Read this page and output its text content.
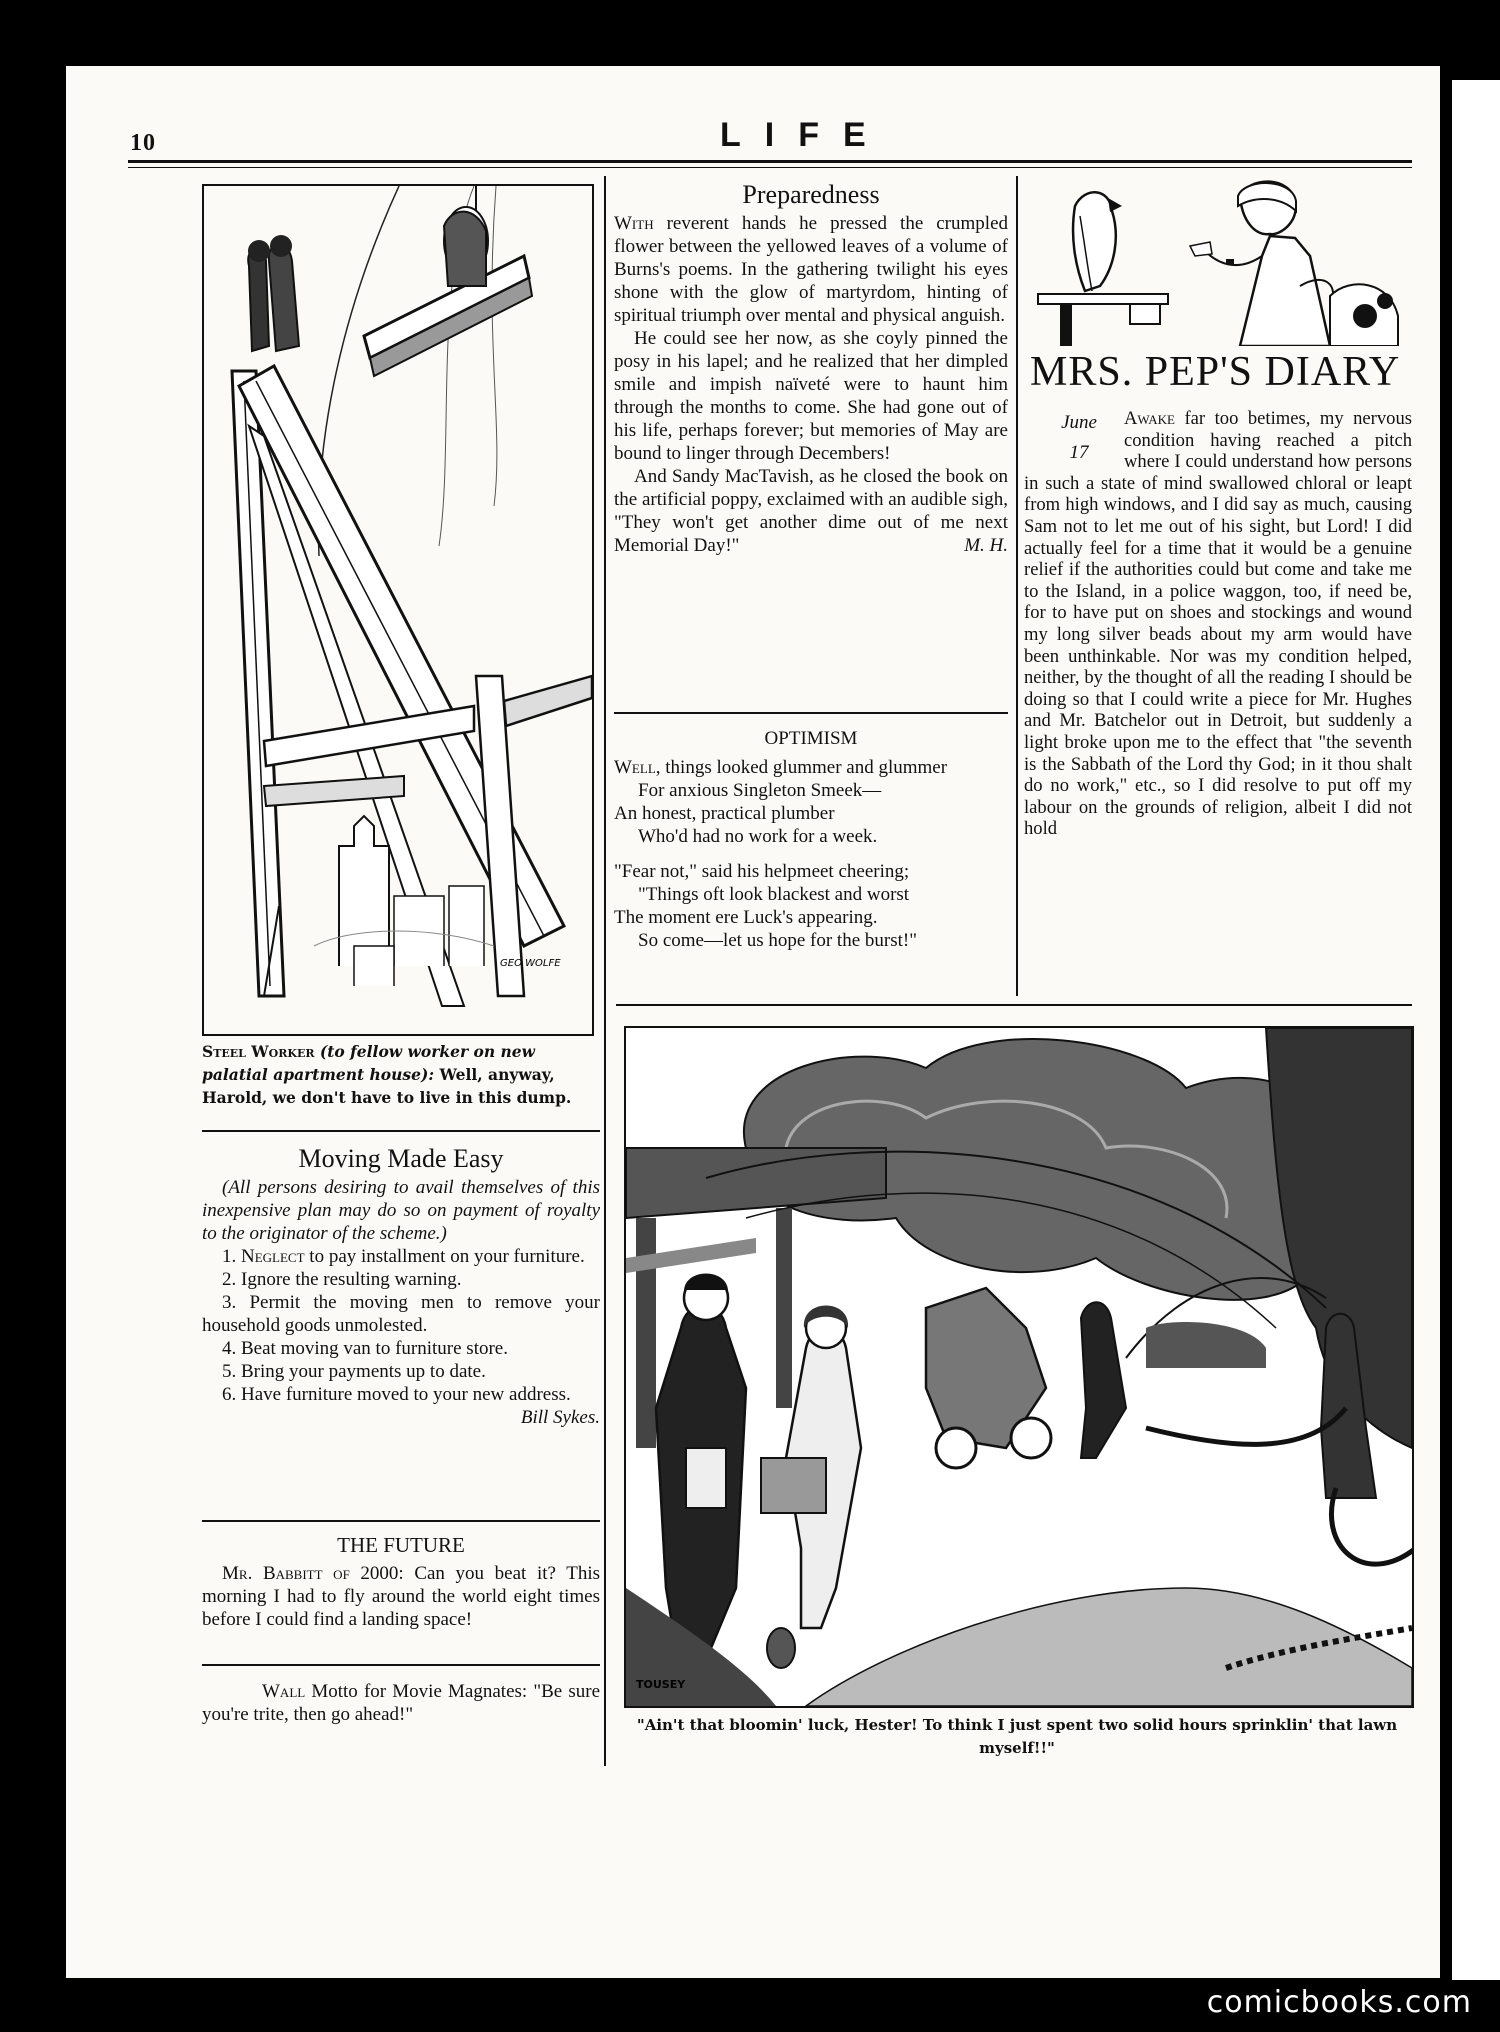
10	LIFE
GEO WOLFE
Steel Worker (to fellow worker on new palatial apartment house): Well, anyway, Harold, we don't have to live in this dump.
Moving Made Easy

(All persons desiring to avail themselves of this inexpensive plan may do so on payment of royalty to the originator of the scheme.)

1. Neglect to pay installment on your furniture.

2. Ignore the resulting warning.

3. Permit the moving men to remove your household goods unmolested.

4. Beat moving van to furniture store.

5. Bring your payments up to date.

6. Have furniture moved to your new address.

Bill Sykes.
THE FUTURE

Mr. Babbitt of 2000: Can you beat it? This morning I had to fly around the world eight times before I could find a landing space!

Wall Motto for Movie Magnates: "Be sure you're trite, then go ahead!"

Preparedness

With reverent hands he pressed the crumpled flower between the yellowed leaves of a volume of Burns's poems. In the gathering twilight his eyes shone with the glow of martyrdom, hinting of spiritual triumph over mental and physical anguish.

He could see her now, as she coyly pinned the posy in his lapel; and he realized that her dimpled smile and impish naïveté were to haunt him through the months to come. She had gone out of his life, perhaps forever; but memories of May are bound to linger through Decembers!

And Sandy MacTavish, as he closed the book on the artificial poppy, exclaimed with an audible sigh, "They won't get another dime out of me next Memorial Day!"	M. H.
OPTIMISM

Well, things looked glummer and glummer

For anxious Singleton Smeek—

An honest, practical plumber

Who'd had no work for a week.

"Fear not," said his helpmeet cheering;

"Things oft look blackest and worst

The moment ere Luck's appearing.

So come—let us hope for the burst!"

MRS. PEP'S DIARY
June
17

Awake far too betimes, my nervous condition having reached a pitch where I could understand how persons in such a state of mind swallowed chloral or leapt from high windows, and I did say as much, causing Sam not to let me out of his sight, but Lord! I did actually feel for a time that it would be a genuine relief if the authorities could but come and take me to the Island, in a police waggon, too, if need be, for to have put on shoes and stockings and wound my long silver beads about my arm would have been unthinkable. Nor was my condition helped, neither, by the thought of all the reading I should be doing so that I could write a piece for Mr. Hughes and Mr. Batchelor out in Detroit, but suddenly a light broke upon me to the effect that "the seventh is the Sabbath of the Lord thy God; in it thou shalt do no work," etc., so I did resolve to put off my labour on the grounds of religion, albeit I did not hold

TOUSEY
"Ain't that bloomin' luck, Hester! To think I just spent two solid hours sprinklin' that lawn myself!!"
comicbooks.com
